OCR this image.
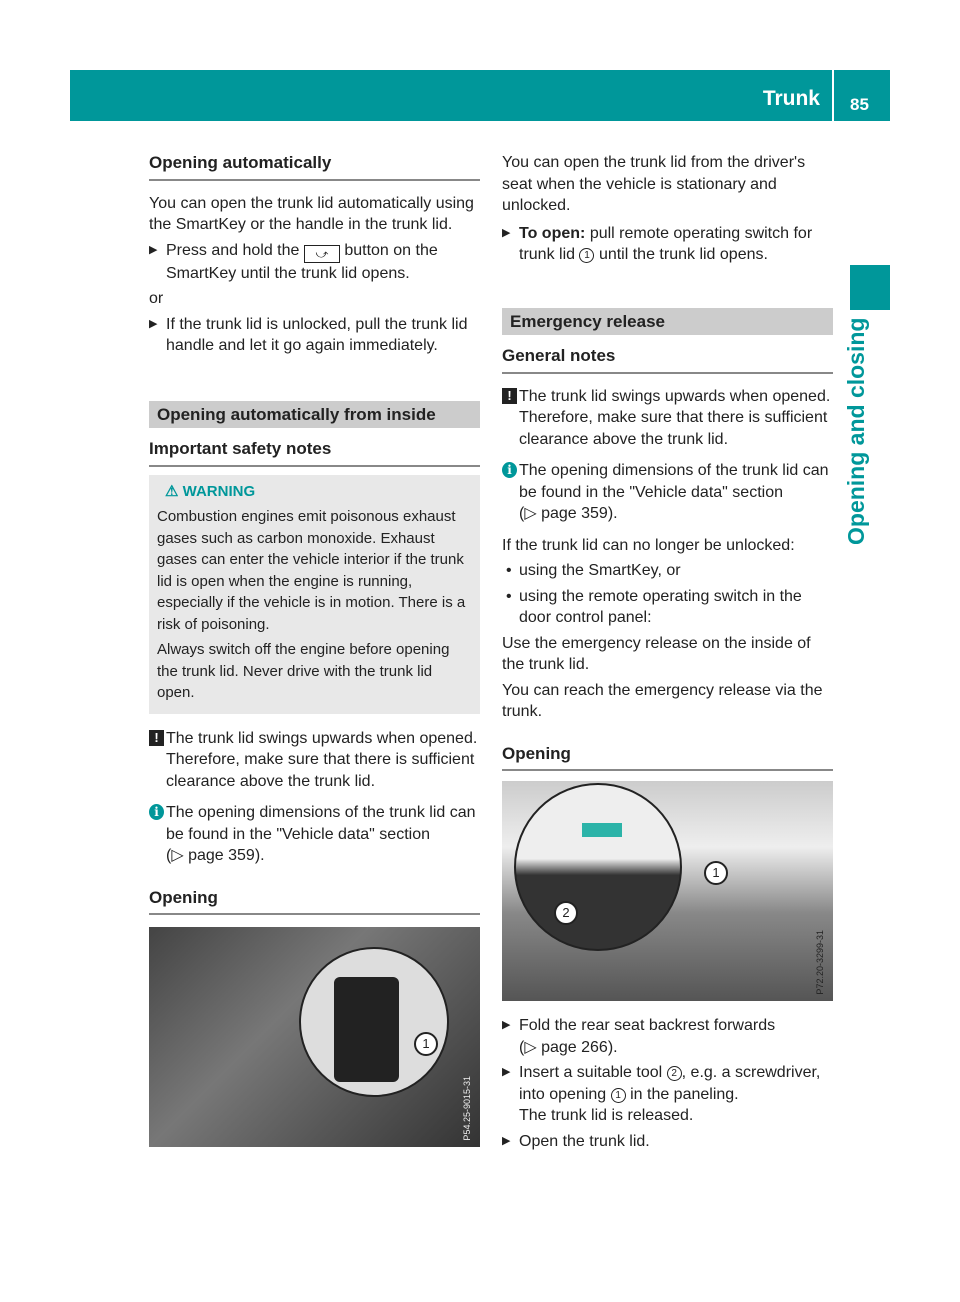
Trunk 85
Opening and closing
Opening automatically

You can open the trunk lid automatically using the SmartKey or the handle in the trunk lid.

▶ Press and hold the ⤻ button on the SmartKey until the trunk lid opens.

or

▶ If the trunk lid is unlocked, pull the trunk lid handle and let it go again immediately.
Opening automatically from inside
Important safety notes
⚠ WARNING

Combustion engines emit poisonous exhaust gases such as carbon monoxide. Exhaust gases can enter the vehicle interior if the trunk lid is open when the engine is running, especially if the vehicle is in motion. There is a risk of poisoning.

Always switch off the engine before opening the trunk lid. Never drive with the trunk lid open.

! The trunk lid swings upwards when opened. Therefore, make sure that there is sufficient clearance above the trunk lid.
i The opening dimensions of the trunk lid can be found in the "Vehicle data" section
(▷ page 359).
Opening
1
P54.25-9015-31

You can open the trunk lid from the driver's seat when the vehicle is stationary and unlocked.

▶ To open: pull remote operating switch for trunk lid 1 until the trunk lid opens.
Emergency release
General notes
! The trunk lid swings upwards when opened. Therefore, make sure that there is sufficient clearance above the trunk lid.
i The opening dimensions of the trunk lid can be found in the "Vehicle data" section
(▷ page 359).

If the trunk lid can no longer be unlocked:

• using the SmartKey, or
• using the remote operating switch in the door control panel:

Use the emergency release on the inside of the trunk lid.

You can reach the emergency release via the trunk.

Opening
1
2
P72.20-3299-31
▶ Fold the rear seat backrest forwards
(▷ page 266).
▶ Insert a suitable tool 2 , e.g. a screwdriver, into opening 1 in the paneling.
The trunk lid is released.
▶ Open the trunk lid.
